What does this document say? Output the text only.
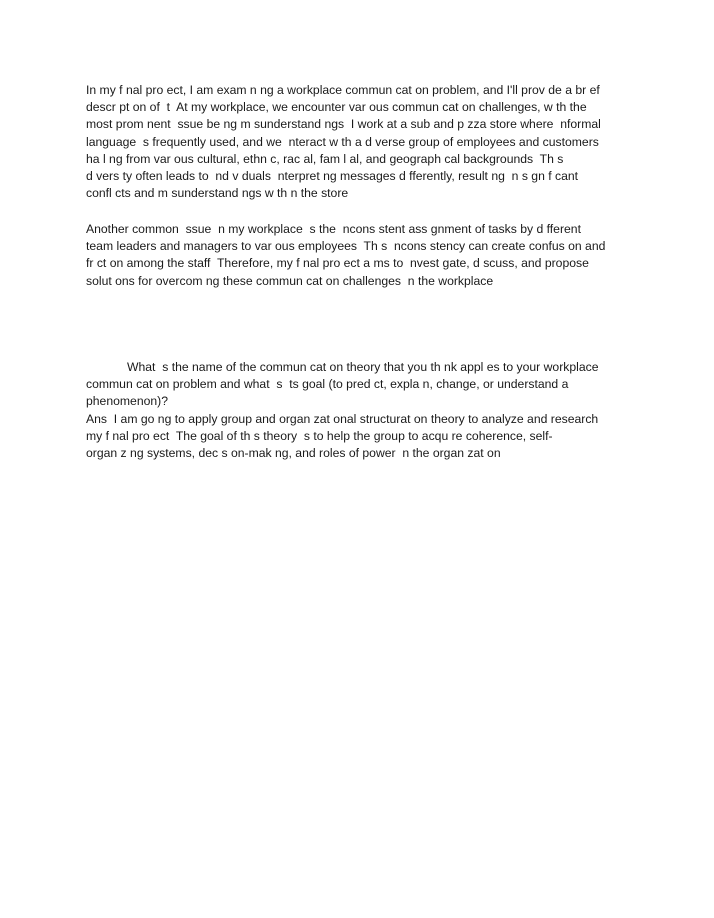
In my f nal pro ect, I am exam n ng a workplace commun cat on problem, and I'll prov de a br ef
descr pt on of  t  At my workplace, we encounter var ous commun cat on challenges, w th the
most prom nent  ssue be ng m sunderstand ngs  I work at a sub and p zza store where  nformal
language  s frequently used, and we  nteract w th a d verse group of employees and customers
ha l ng from var ous cultural, ethn c, rac al, fam l al, and geograph cal backgrounds  Th s
d vers ty often leads to  nd v duals  nterpret ng messages d fferently, result ng  n s gn f cant
confl cts and m sunderstand ngs w th n the store
Another common  ssue  n my workplace  s the  ncons stent ass gnment of tasks by d fferent
team leaders and managers to var ous employees  Th s  ncons stency can create confus on and
fr ct on among the staff  Therefore, my f nal pro ect a ms to  nvest gate, d scuss, and propose
solut ons for overcom ng these commun cat on challenges  n the workplace
What  s the name of the commun cat on theory that you th nk appl es to your workplace
commun cat on problem and what  s  ts goal (to pred ct, expla n, change, or understand a
phenomenon)?
Ans  I am go ng to apply group and organ zat onal structurat on theory to analyze and research
my f nal pro ect  The goal of th s theory  s to help the group to acqu re coherence, self-
organ z ng systems, dec s on-mak ng, and roles of power  n the organ zat on
